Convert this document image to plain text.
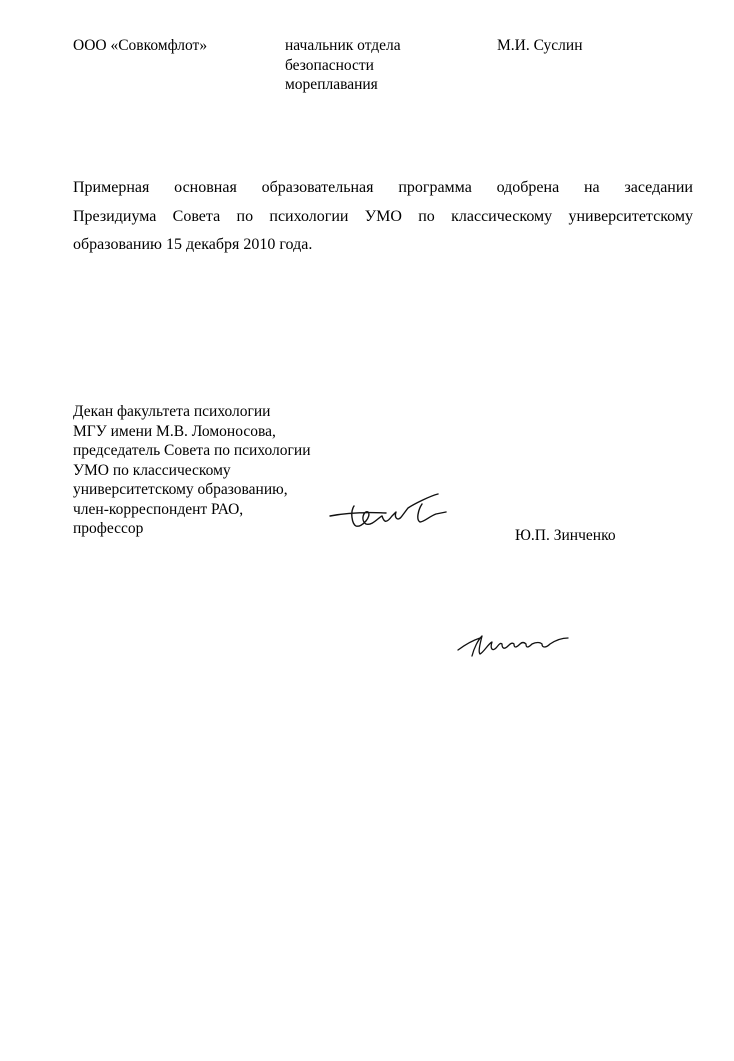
ООО «Совкомфлот»	начальник отдела
безопасности
мореплавания
М.И. Суслин
Примерная основная образовательная программа одобрена на заседании
Президиума Совета по психологии УМО по классическому университетскому
образованию 15 декабря 2010 года.
Декан факультета психологии
МГУ имени М.В. Ломоносова,
председатель Совета по психологии
УМО по классическому
университетскому образованию,
член-корреспондент РАО,
профессор	Ю.П. Зинченко
